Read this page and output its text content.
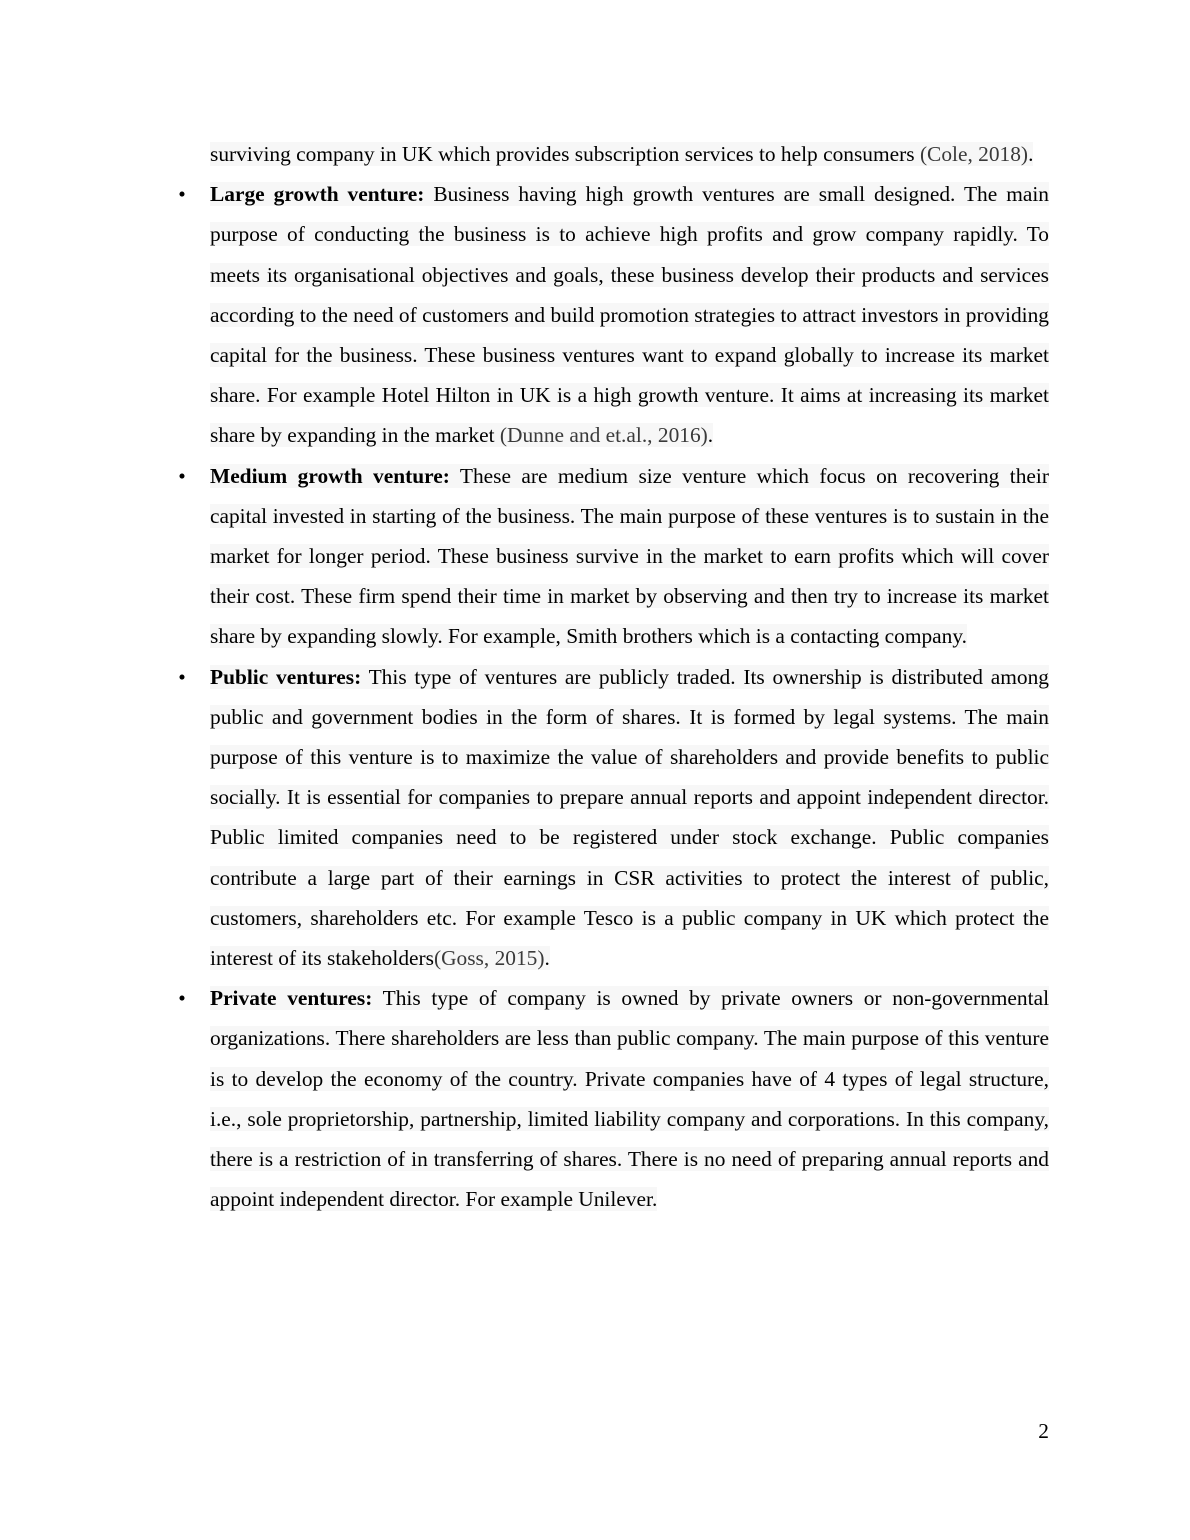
surviving company in UK which provides subscription services to help consumers (Cole, 2018).

• Large growth venture: Business having high growth ventures are small designed. The main purpose of conducting the business is to achieve high profits and grow company rapidly. To meets its organisational objectives and goals, these business develop their products and services according to the need of customers and build promotion strategies to attract investors in providing capital for the business. These business ventures want to expand globally to increase its market share. For example Hotel Hilton in UK is a high growth venture. It aims at increasing its market share by expanding in the market (Dunne and et.al., 2016).

• Medium growth venture: These are medium size venture which focus on recovering their capital invested in starting of the business. The main purpose of these ventures is to sustain in the market for longer period. These business survive in the market to earn profits which will cover their cost. These firm spend their time in market by observing and then try to increase its market share by expanding slowly. For example, Smith brothers which is a contacting company.

• Public ventures: This type of ventures are publicly traded. Its ownership is distributed among public and government bodies in the form of shares. It is formed by legal systems. The main purpose of this venture is to maximize the value of shareholders and provide benefits to public socially. It is essential for companies to prepare annual reports and appoint independent director. Public limited companies need to be registered under stock exchange. Public companies contribute a large part of their earnings in CSR activities to protect the interest of public, customers, shareholders etc. For example Tesco is a public company in UK which protect the interest of its stakeholders(Goss, 2015).

• Private ventures: This type of company is owned by private owners or non-governmental organizations. There shareholders are less than public company. The main purpose of this venture is to develop the economy of the country. Private companies have of 4 types of legal structure, i.e., sole proprietorship, partnership, limited liability company and corporations. In this company, there is a restriction of in transferring of shares. There is no need of preparing annual reports and appoint independent director. For example Unilever.

2
